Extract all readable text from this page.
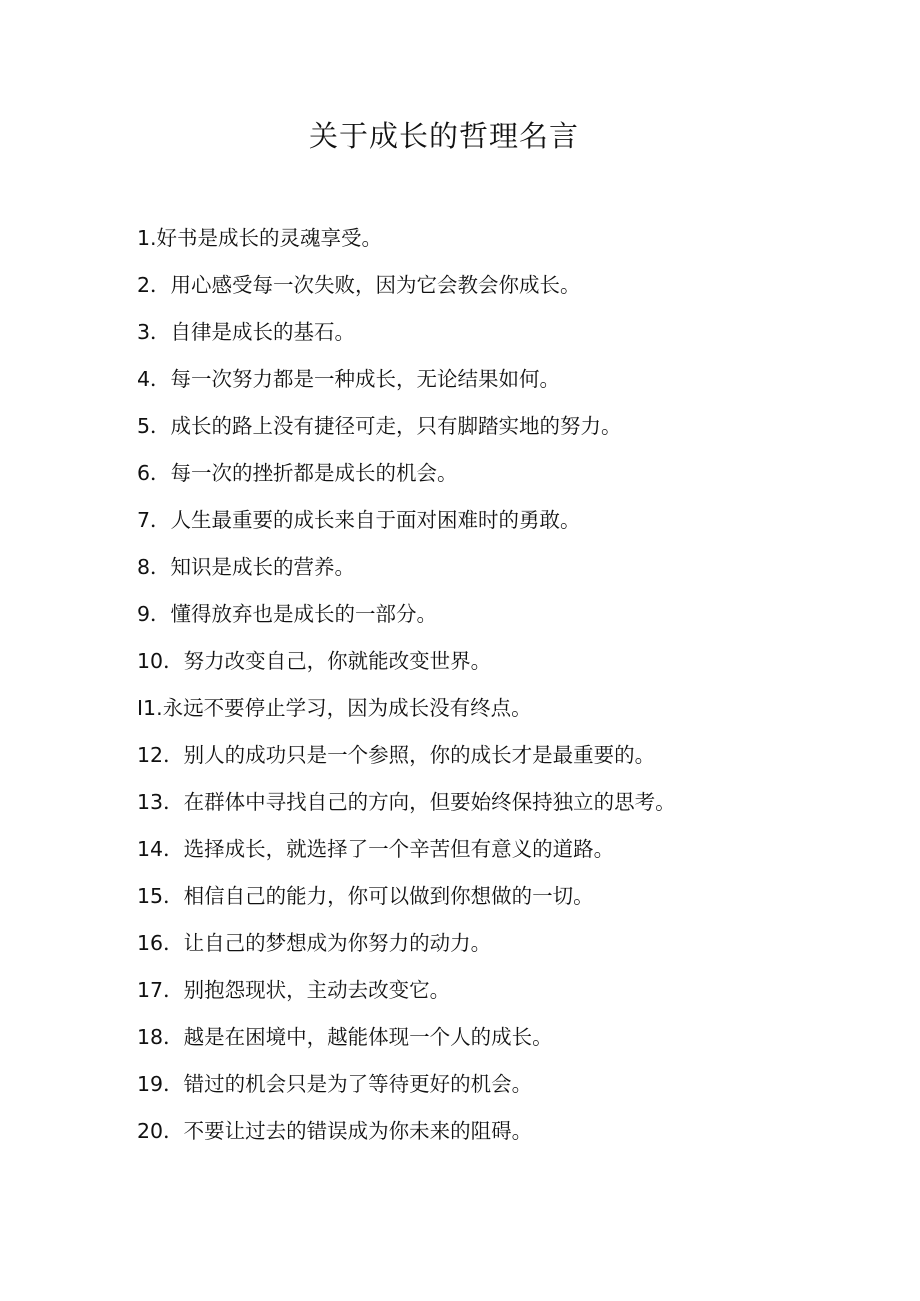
关于成长的哲理名言
1.好书是成长的灵魂享受。
2．用心感受每一次失败，因为它会教会你成长。
3．自律是成长的基石。
4．每一次努力都是一种成长，无论结果如何。
5．成长的路上没有捷径可走，只有脚踏实地的努力。
6．每一次的挫折都是成长的机会。
7．人生最重要的成长来自于面对困难时的勇敢。
8．知识是成长的营养。
9．懂得放弃也是成长的一部分。
10．努力改变自己，你就能改变世界。
I1.永远不要停止学习，因为成长没有终点。
12．别人的成功只是一个参照，你的成长才是最重要的。
13．在群体中寻找自己的方向，但要始终保持独立的思考。
14．选择成长，就选择了一个辛苦但有意义的道路。
15．相信自己的能力，你可以做到你想做的一切。
16．让自己的梦想成为你努力的动力。
17．别抱怨现状，主动去改变它。
18．越是在困境中，越能体现一个人的成长。
19．错过的机会只是为了等待更好的机会。
20．不要让过去的错误成为你未来的阻碍。
